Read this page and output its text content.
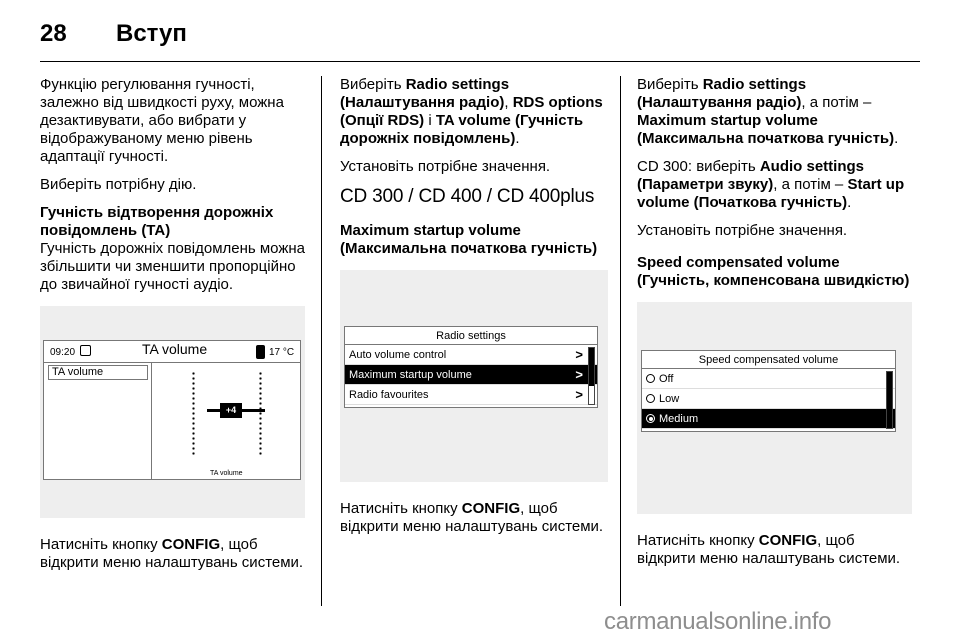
28 Вступ

Функцію регулювання гучності, залежно від швидкості руху, можна дезактивувати, або вибрати у відображуваному меню рівень адаптації гучності.

Виберіть потрібну дію.

Гучність відтворення дорожніх повідомлень (TA)

Гучність дорожніх повідомлень можна збільшити чи зменшити пропорційно до звичайної гучності аудіо.

09:20	TA volume	17 °C
TA volume
+4
TA volume

Натисніть кнопку CONFIG, щоб відкрити меню налаштувань системи.

Виберіть Radio settings (Налаштування радіо), RDS options (Опції RDS) і TA volume (Гучність дорожніх повідомлень).

Установіть потрібне значення.

CD 300 / CD 400 / CD 400plus
Maximum startup volume (Максимальна початкова гучність)
Radio settings
Auto volume control	>
Maximum startup volume	>
Radio favourites	>

Натисніть кнопку CONFIG, щоб відкрити меню налаштувань системи.

Виберіть Radio settings (Налаштування радіо), а потім – Maximum startup volume (Максимальна початкова гучність).

CD 300: виберіть Audio settings (Параметри звуку), а потім – Start up volume (Початкова гучність).

Установіть потрібне значення.

Speed compensated volume (Гучність, компенсована швидкістю)
Speed compensated volume
Off
Low
Medium

Натисніть кнопку CONFIG, щоб відкрити меню налаштувань системи.

carmanualsonline.info
